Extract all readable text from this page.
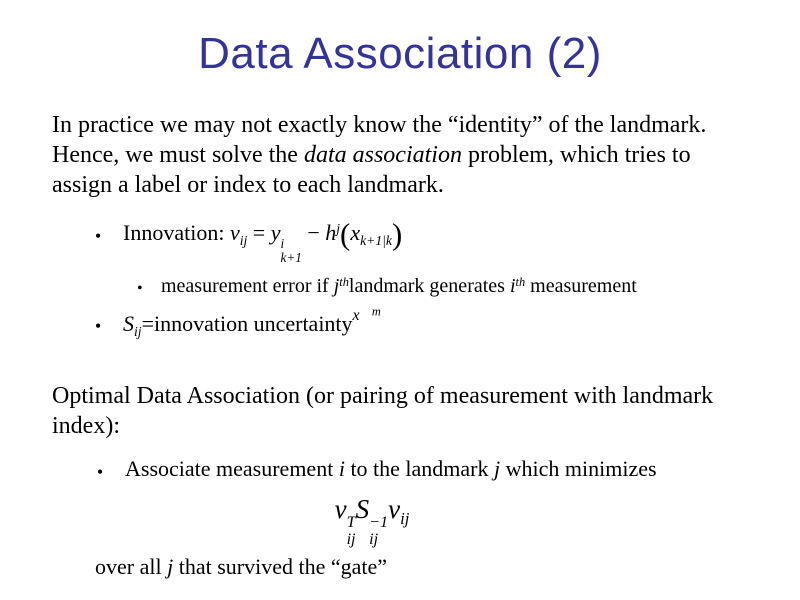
Data Association (2)
In practice we may not exactly know the “identity” of the landmark.  Hence, we must solve the data association problem, which tries to assign a label or index to each landmark.
• Innovation: $\nu_{ij} = y$ i
k+1
− $h^j(x_{k+1|k})$
• measurement error if $j^{th}landmark$ generates $i^{th}$ measurement
• $S_{ij}=innovation$ uncertainty$^{x⃗^m}$
Optimal Data Association (or pairing of measurement with landmark index):
• Associate measurement i to the landmark j which minimizes
ν T
ij
S −1
ij
$\nu_{ij}$
over all j that survived the “gate”
